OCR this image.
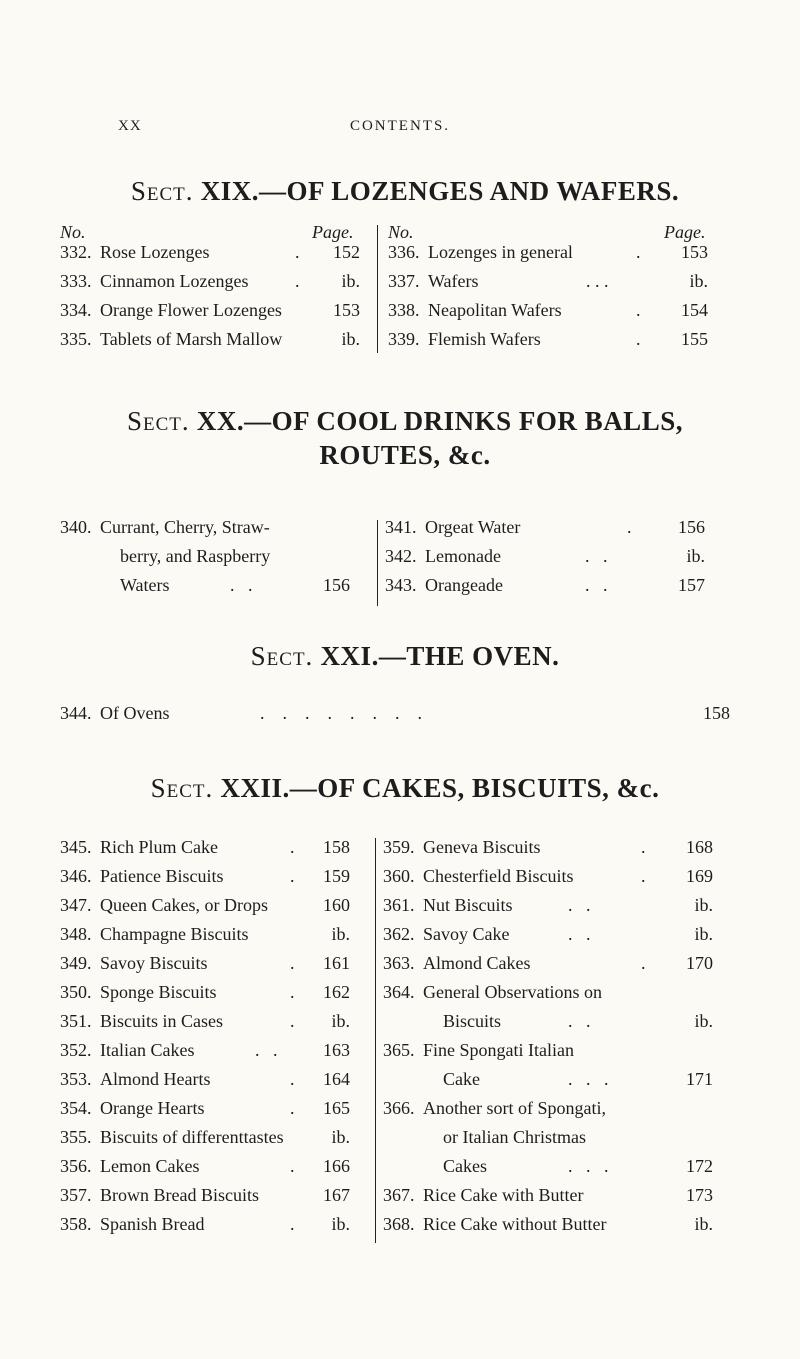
XX	CONTENTS.
Sect. XIX.—OF LOZENGES AND WAFERS.
No.	Page.
332. Rose Lozenges	.	152
333. Cinnamon Lozenges	.	ib.
334. Orange Flower Lozenges	153
335. Tablets of Marsh Mallow	ib.
No.	Page.
336. Lozenges in general	.	153
337. Wafers	. . .	ib.
338. Neapolitan Wafers	.	154
339. Flemish Wafers	.	155
Sect. XX.—OF COOL DRINKS FOR BALLS,
ROUTES, &c.
340. Currant, Cherry, Straw-
berry, and Raspberry
Waters	.   .	156
341. Orgeat Water	.	156
342. Lemonade	.   .	ib.
343. Orangeade	.   .	157
Sect. XXI.—THE OVEN.
344. Of Ovens	.    .    .    .    .    .    .    .	158
Sect. XXII.—OF CAKES, BISCUITS, &c.
345. Rich Plum Cake	.	158
346. Patience Biscuits	.	159
347. Queen Cakes, or Drops	160
348. Champagne Biscuits	ib.
349. Savoy Biscuits	.	161
350. Sponge Biscuits	.	162
351. Biscuits in Cases	.	ib.
352. Italian Cakes	.   .	163
353. Almond Hearts	.	164
354. Orange Hearts	.	165
355. Biscuits of differenttastes	ib.
356. Lemon Cakes	.	166
357. Brown Bread Biscuits	167
358. Spanish Bread	.	ib.
359. Geneva Biscuits	.	168
360. Chesterfield Biscuits	.	169
361. Nut Biscuits	.   .	ib.
362. Savoy Cake	.   .	ib.
363. Almond Cakes	.	170
364. General Observations on
Biscuits	.   .	ib.
365. Fine Spongati Italian
Cake	.   .   .	171
366. Another sort of Spongati,
or Italian Christmas
Cakes	.   .   .	172
367. Rice Cake with Butter	173
368. Rice Cake without Butter	ib.
